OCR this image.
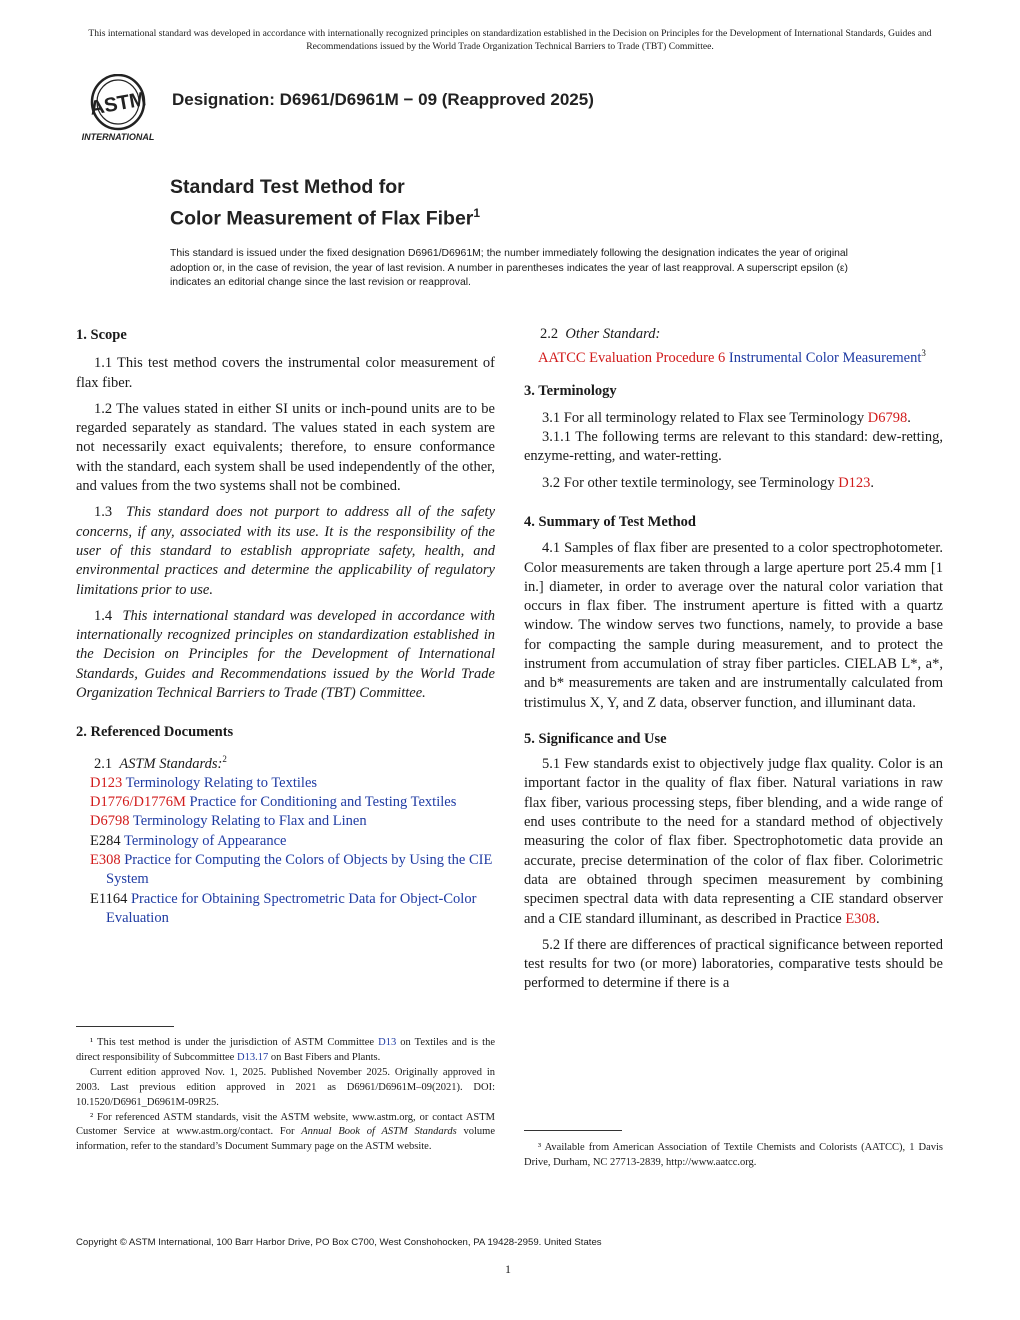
This international standard was developed in accordance with internationally recognized principles on standardization established in the Decision on Principles for the Development of International Standards, Guides and Recommendations issued by the World Trade Organization Technical Barriers to Trade (TBT) Committee.
ASTM
INTERNATIONAL
Designation: D6961/D6961M − 09 (Reapproved 2025)
Standard Test Method for
Color Measurement of Flax Fiber$^1$
This standard is issued under the fixed designation D6961/D6961M; the number immediately following the designation indicates the year of original adoption or, in the case of revision, the year of last revision. A number in parentheses indicates the year of last reapproval. A superscript epsilon (ε) indicates an editorial change since the last revision or reapproval.
1. Scope

1.1 This test method covers the instrumental color measurement of flax fiber.

1.2 The values stated in either SI units or inch-pound units are to be regarded separately as standard. The values stated in each system are not necessarily exact equivalents; therefore, to ensure conformance with the standard, each system shall be used independently of the other, and values from the two systems shall not be combined.

1.3 This standard does not purport to address all of the safety concerns, if any, associated with its use. It is the responsibility of the user of this standard to establish appropriate safety, health, and environmental practices and determine the applicability of regulatory limitations prior to use.

1.4 This international standard was developed in accordance with internationally recognized principles on standardization established in the Decision on Principles for the Development of International Standards, Guides and Recommendations issued by the World Trade Organization Technical Barriers to Trade (TBT) Committee.

2. Referenced Documents

2.1 ASTM Standards:$^2$

D123 Terminology Relating to Textiles
D1776/D1776M Practice for Conditioning and Testing Textiles
D6798 Terminology Relating to Flax and Linen
E284 Terminology of Appearance
E308 Practice for Computing the Colors of Objects by Using the CIE System
E1164 Practice for Obtaining Spectrometric Data for Object-Color Evaluation

2.2 Other Standard:

AATCC Evaluation Procedure 6 Instrumental Color Measurement$^3$
3. Terminology

3.1 For all terminology related to Flax see Terminology D6798.

3.1.1 The following terms are relevant to this standard: dew-retting, enzyme-retting, and water-retting.

3.2 For other textile terminology, see Terminology D123.

4. Summary of Test Method

4.1 Samples of flax fiber are presented to a color spectrophotometer. Color measurements are taken through a large aperture port 25.4 mm [1 in.] diameter, in order to average over the natural color variation that occurs in flax fiber. The instrument aperture is fitted with a quartz window. The window serves two functions, namely, to provide a base for compacting the sample during measurement, and to protect the instrument from accumulation of stray fiber particles. CIELAB L*, a*, and b* measurements are taken and are instrumentally calculated from tristimulus X, Y, and Z data, observer function, and illuminant data.

5. Significance and Use

5.1 Few standards exist to objectively judge flax quality. Color is an important factor in the quality of flax fiber. Natural variations in raw flax fiber, various processing steps, fiber blending, and a wide range of end uses contribute to the need for a standard method of objectively measuring the color of flax fiber. Spectrophotometic data provide an accurate, precise determination of the color of flax fiber. Colorimetric data are obtained through specimen measurement by combining specimen spectral data with data representing a CIE standard observer and a CIE standard illuminant, as described in Practice E308.

5.2 If there are differences of practical significance between reported test results for two (or more) laboratories, comparative tests should be performed to determine if there is a

¹ This test method is under the jurisdiction of ASTM Committee D13 on Textiles and is the direct responsibility of Subcommittee D13.17 on Bast Fibers and Plants.

Current edition approved Nov. 1, 2025. Published November 2025. Originally approved in 2003. Last previous edition approved in 2021 as D6961/D6961M–09(2021). DOI: 10.1520/D6961_D6961M-09R25.

² For referenced ASTM standards, visit the ASTM website, www.astm.org, or contact ASTM Customer Service at www.astm.org/contact. For Annual Book of ASTM Standards volume information, refer to the standard’s Document Summary page on the ASTM website.	³ Available from American Association of Textile Chemists and Colorists (AATCC), 1 Davis Drive, Durham, NC 27713-2839, http://www.aatcc.org.

Copyright © ASTM International, 100 Barr Harbor Drive, PO Box C700, West Conshohocken, PA 19428-2959. United States
1
